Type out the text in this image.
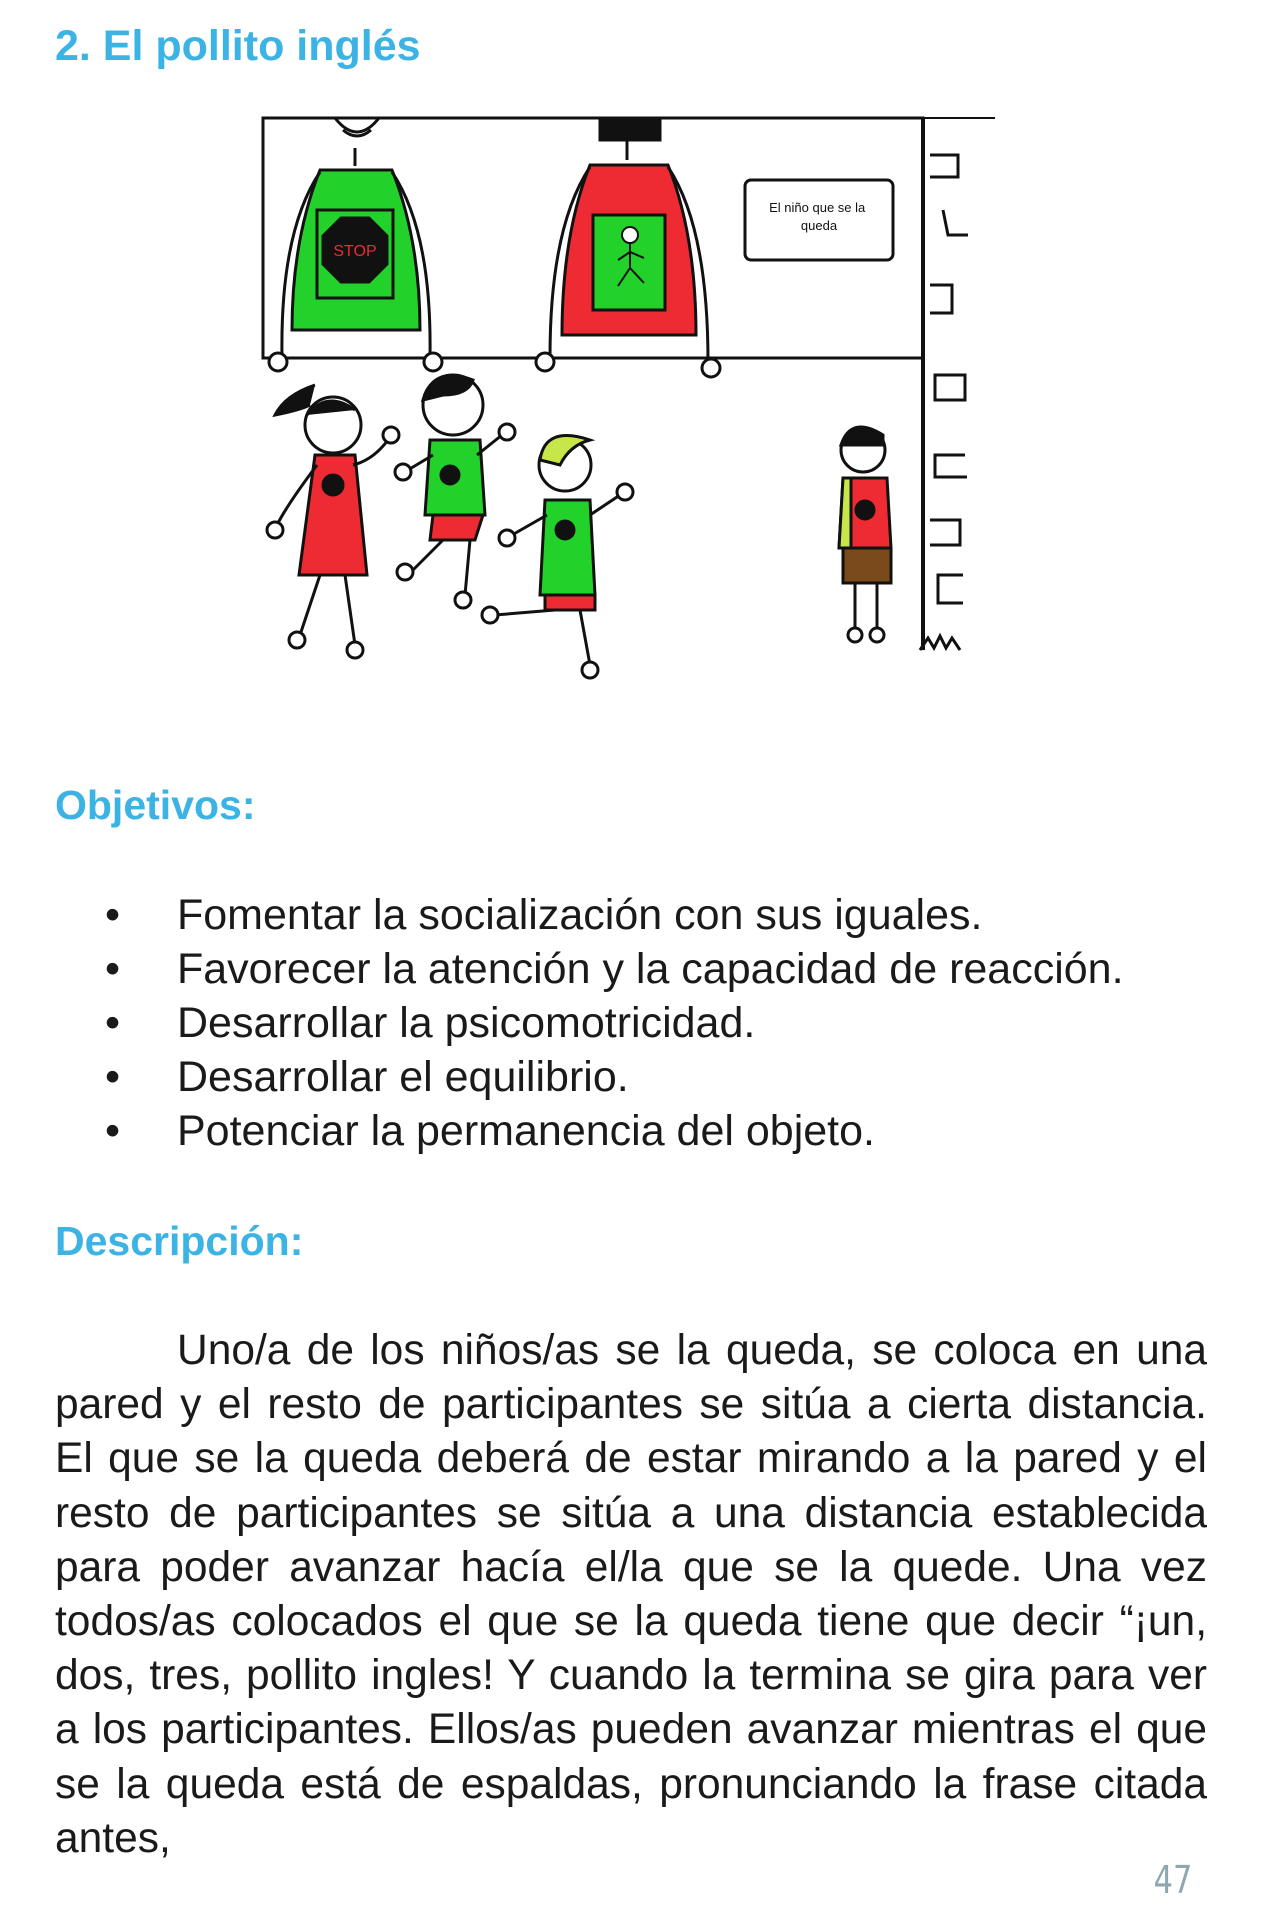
2. El pollito inglés
STOP
El niño que se la queda
Objetivos:
• Fomentar la socialización con sus iguales.
• Favorecer la atención y la capacidad de reacción.
• Desarrollar la psicomotricidad.
• Desarrollar el equilibrio.
• Potenciar la permanencia del objeto.
Descripción:

Uno/a de los niños/as se la queda, se coloca en una pared y el resto de participantes se sitúa a cierta distancia. El que se la queda deberá de estar mirando a la pared y el resto de participantes se sitúa a una distancia establecida para poder avanzar hacía el/la que se la quede. Una vez todos/as colocados el que se la queda tiene que decir “¡un, dos, tres, pollito ingles! Y cuando la termina se gira para ver a los participantes. Ellos/as pueden avanzar mientras el que se la queda está de espaldas, pronunciando la frase citada antes,

47
